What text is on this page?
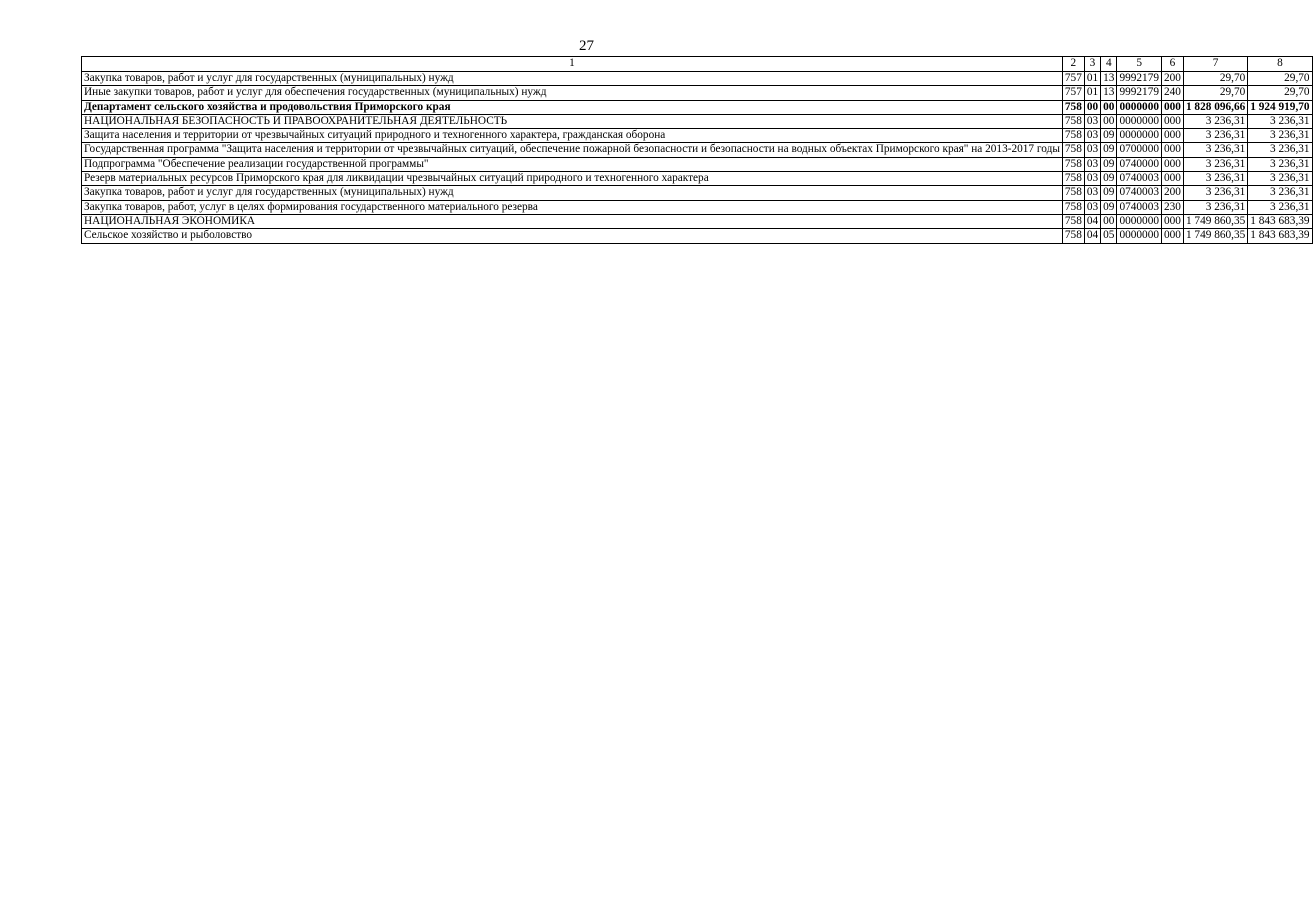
27
1	2	3	4	5	6	7	8
Закупка товаров, работ и услуг для государственных (муниципальных) нужд	757	01	13	9992179	200	29,70	29,70
Иные закупки товаров, работ и услуг для обеспечения государственных (муниципальных) нужд	757	01	13	9992179	240	29,70	29,70
Департамент сельского хозяйства и продовольствия Приморского края	758	00	00	0000000	000	1 828 096,66	1 924 919,70
НАЦИОНАЛЬНАЯ БЕЗОПАСНОСТЬ И ПРАВООХРАНИТЕЛЬНАЯ ДЕЯТЕЛЬНОСТЬ	758	03	00	0000000	000	3 236,31	3 236,31
Защита населения и территории от чрезвычайных ситуаций природного и техногенного характера, гражданская оборона	758	03	09	0000000	000	3 236,31	3 236,31
Государственная программа "Защита населения и территории от чрезвычайных ситуаций, обеспечение пожарной безопасности и безопасности на водных объектах Приморского края" на 2013-2017 годы	758	03	09	0700000	000	3 236,31	3 236,31
Подпрограмма "Обеспечение реализации государственной программы"	758	03	09	0740000	000	3 236,31	3 236,31
Резерв материальных ресурсов Приморского края для ликвидации чрезвычайных ситуаций природного и техногенного характера	758	03	09	0740003	000	3 236,31	3 236,31
Закупка товаров, работ и услуг для государственных (муниципальных) нужд	758	03	09	0740003	200	3 236,31	3 236,31
Закупка товаров, работ, услуг в целях формирования государственного материального резерва	758	03	09	0740003	230	3 236,31	3 236,31
НАЦИОНАЛЬНАЯ ЭКОНОМИКА	758	04	00	0000000	000	1 749 860,35	1 843 683,39
Сельское хозяйство и рыболовство	758	04	05	0000000	000	1 749 860,35	1 843 683,39
